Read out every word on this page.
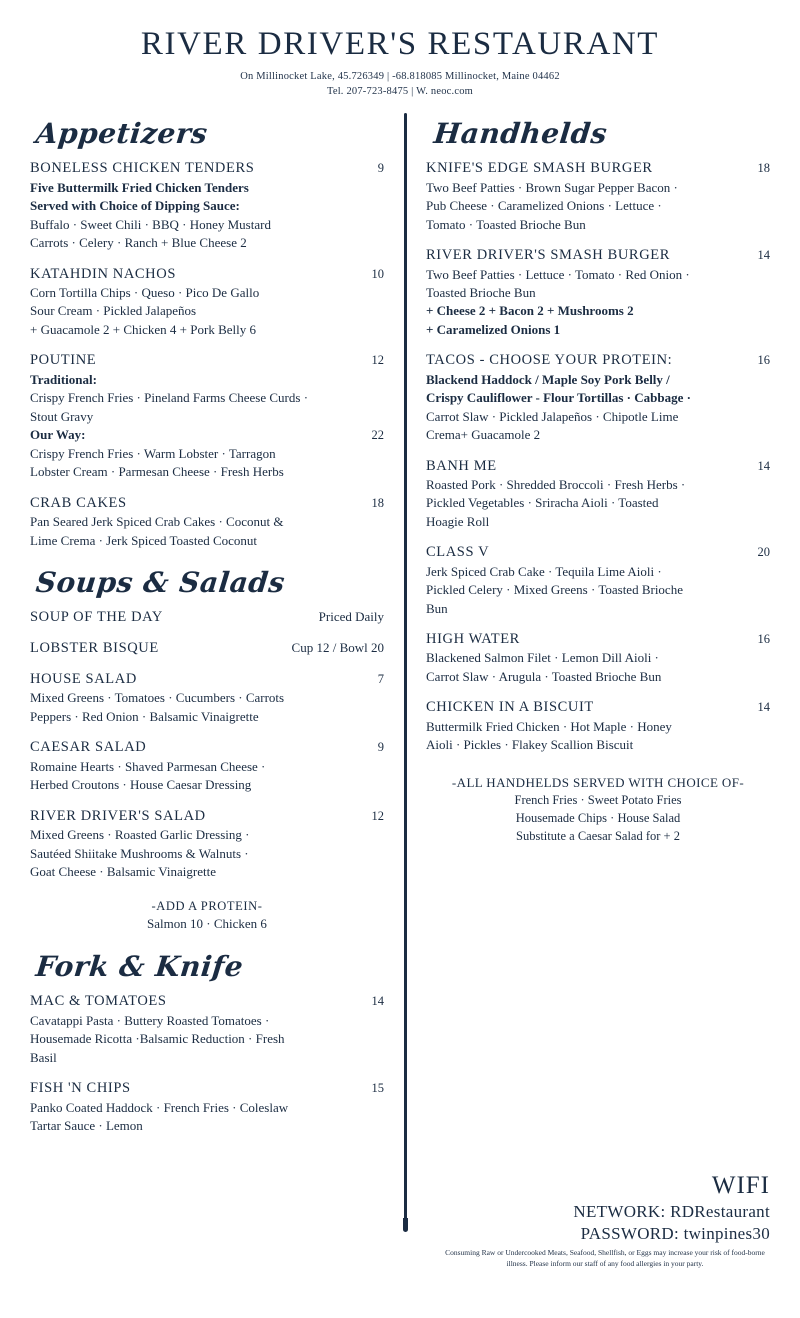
RIVER DRIVER'S RESTAURANT
On Millinocket Lake, 45.726349 | -68.818085 Millinocket, Maine 04462
Tel. 207-723-8475 | W. neoc.com
Appetizers
BONELESS CHICKEN TENDERS	9
Five Buttermilk Fried Chicken Tenders
Served with Choice of Dipping Sauce:
Buffalo · Sweet Chili · BBQ · Honey Mustard
Carrots · Celery · Ranch + Blue Cheese 2
KATAHDIN NACHOS	10
Corn Tortilla Chips · Queso · Pico De Gallo
Sour Cream · Pickled Jalapeños
+ Guacamole 2 + Chicken 4 + Pork Belly 6
POUTINE	12
Traditional:
Crispy French Fries · Pineland Farms Cheese Curds ·
Stout Gravy
Our Way:	22
Crispy French Fries · Warm Lobster · Tarragon
Lobster Cream · Parmesan Cheese · Fresh Herbs
CRAB CAKES	18
Pan Seared Jerk Spiced Crab Cakes · Coconut &
Lime Crema · Jerk Spiced Toasted Coconut
Soups & Salads
SOUP OF THE DAY	Priced Daily
LOBSTER BISQUE	Cup 12 / Bowl 20
HOUSE SALAD	7
Mixed Greens · Tomatoes · Cucumbers · Carrots
Peppers · Red Onion · Balsamic Vinaigrette
CAESAR SALAD	9
Romaine Hearts · Shaved Parmesan Cheese ·
Herbed Croutons · House Caesar Dressing
RIVER DRIVER'S SALAD	12
Mixed Greens · Roasted Garlic Dressing ·
Sautéed Shiitake Mushrooms & Walnuts ·
Goat Cheese · Balsamic Vinaigrette
-ADD A PROTEIN-
Salmon 10 · Chicken 6
Fork & Knife
MAC & TOMATOES	14
Cavatappi Pasta · Buttery Roasted Tomatoes ·
Housemade Ricotta ·Balsamic Reduction · Fresh
Basil
FISH 'N CHIPS	15
Panko Coated Haddock · French Fries · Coleslaw
Tartar Sauce · Lemon
Handhelds
KNIFE'S EDGE SMASH BURGER	18
Two Beef Patties · Brown Sugar Pepper Bacon ·
Pub Cheese · Caramelized Onions · Lettuce ·
Tomato · Toasted Brioche Bun
RIVER DRIVER'S SMASH BURGER	14
Two Beef Patties · Lettuce · Tomato · Red Onion ·
Toasted Brioche Bun
+ Cheese 2 + Bacon 2 + Mushrooms 2
+ Caramelized Onions 1
TACOS - CHOOSE YOUR PROTEIN:	16
Blackend Haddock / Maple Soy Pork Belly /
Crispy Cauliflower - Flour Tortillas · Cabbage ·
Carrot Slaw · Pickled Jalapeños · Chipotle Lime
Crema+ Guacamole 2
BANH ME	14
Roasted Pork · Shredded Broccoli · Fresh Herbs ·
Pickled Vegetables · Sriracha Aioli · Toasted
Hoagie Roll
CLASS V	20
Jerk Spiced Crab Cake · Tequila Lime Aioli ·
Pickled Celery · Mixed Greens · Toasted Brioche
Bun
HIGH WATER	16
Blackened Salmon Filet · Lemon Dill Aioli ·
Carrot Slaw · Arugula · Toasted Brioche Bun
CHICKEN IN A BISCUIT	14
Buttermilk Fried Chicken · Hot Maple · Honey
Aioli · Pickles · Flakey Scallion Biscuit
-ALL HANDHELDS SERVED WITH CHOICE OF-
French Fries · Sweet Potato Fries
Housemade Chips · House Salad
Substitute a Caesar Salad for + 2
WIFI
NETWORK: RDRestaurant
PASSWORD: twinpines30
Consuming Raw or Undercooked Meats, Seafood, Shellfish, or Eggs may increase your risk of food-borne illness. Please inform our staff of any food allergies in your party.
